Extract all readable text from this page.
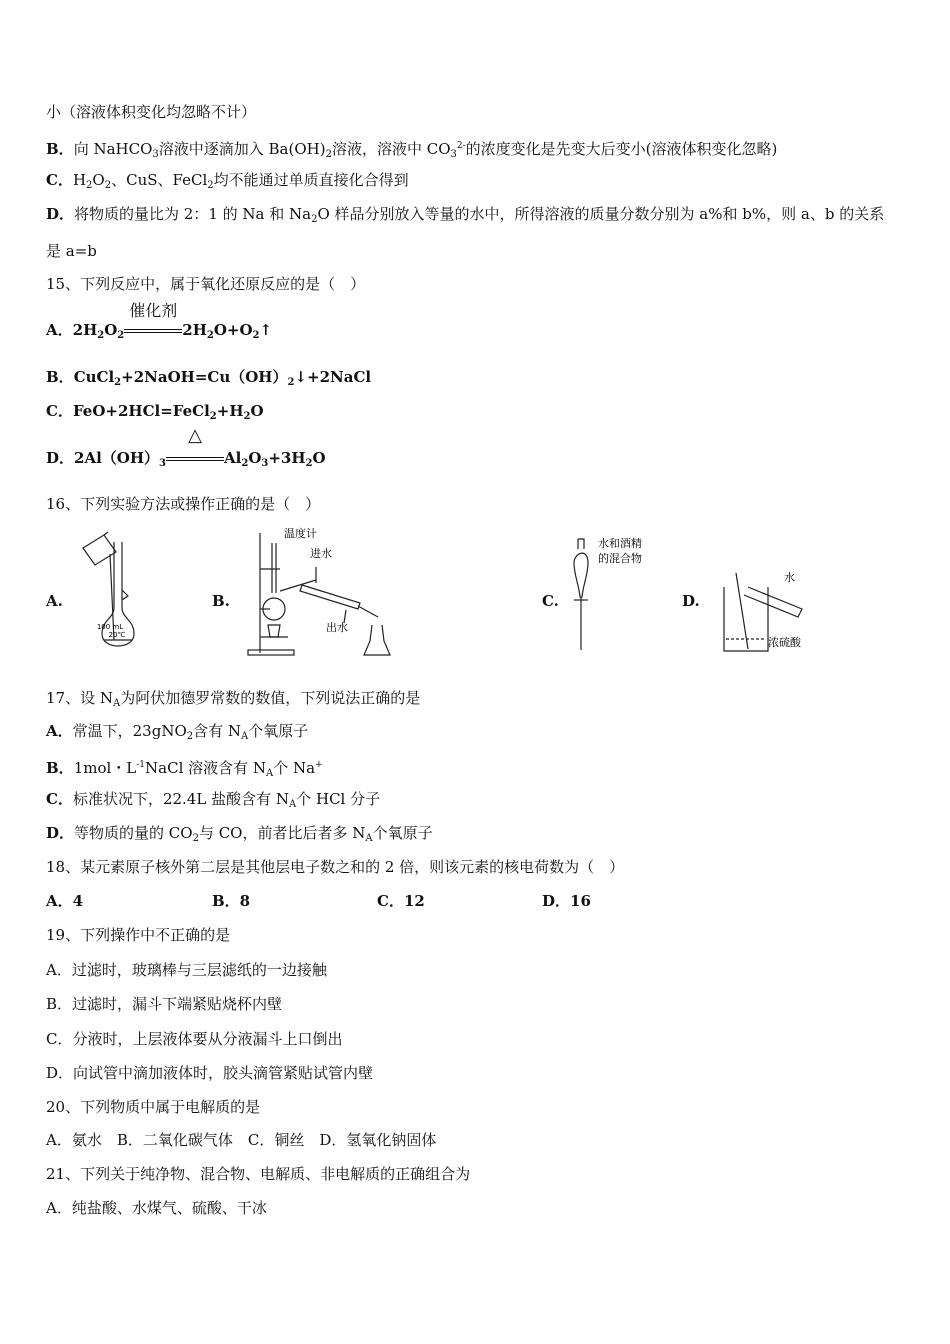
小（溶液体积变化均忽略不计）
B．向 NaHCO$_3$溶液中逐滴加入 $Ba(OH)_2$溶液，溶液中 $CO_3^{2-}$的浓度变化是先变大后变小(溶液体积变化忽略)
C．$H_2O_2$、CuS、FeCl$_2$均不能通过单质直接化合得到
D．将物质的量比为 2：1 的 Na 和 $Na_2O$ 样品分别放入等量的水中，所得溶液的质量分数分别为 a%和 b%，则 a、b 的关系
是 a=b
15、下列反应中，属于氧化还原反应的是（　）
A．$2H_2O_2$
催化剂
$2H_2O+O_2↑$
B．$CuCl_2+2NaOH=Cu(OH)_2↓+2NaCl$
C．$FeO+2HCl=FeCl_2+H_2O$
D．$2Al(OH)_3$
△
$Al_2O_3+3H_2O$
16、下列实验方法或操作正确的是（　）
A.	B.	C.	D.
100 mL
20℃
温度计
进水
出水
水和酒精
的混合物
水
浓硫酸
17、设 $N_A$为阿伏加德罗常数的数值，下列说法正确的是
A．常温下，23gNO$_2$含有 $N_A$个氧原子
B．1mol・$L^{-1}NaCl$ 溶液含有 $N_A$个 Na+
C．标准状况下，22.4L 盐酸含有 $N_A$个 HCl 分子
D．等物质的量的 $CO_2$与 CO，前者比后者多 $N_A$个氧原子
18、某元素原子核外第二层是其他层电子数之和的 2 倍，则该元素的核电荷数为（　）
A．4	B．8	C．12	D．16
19、下列操作中不正确的是
A．过滤时，玻璃棒与三层滤纸的一边接触
B．过滤时，漏斗下端紧贴烧杯内壁
C．分液时，上层液体要从分液漏斗上口倒出
D．向试管中滴加液体时，胶头滴管紧贴试管内壁
20、下列物质中属于电解质的是
A．氨水　B．二氧化碳气体　C．铜丝　D．氢氧化钠固体
21、下列关于纯净物、混合物、电解质、非电解质的正确组合为
A．纯盐酸、水煤气、硫酸、干冰
